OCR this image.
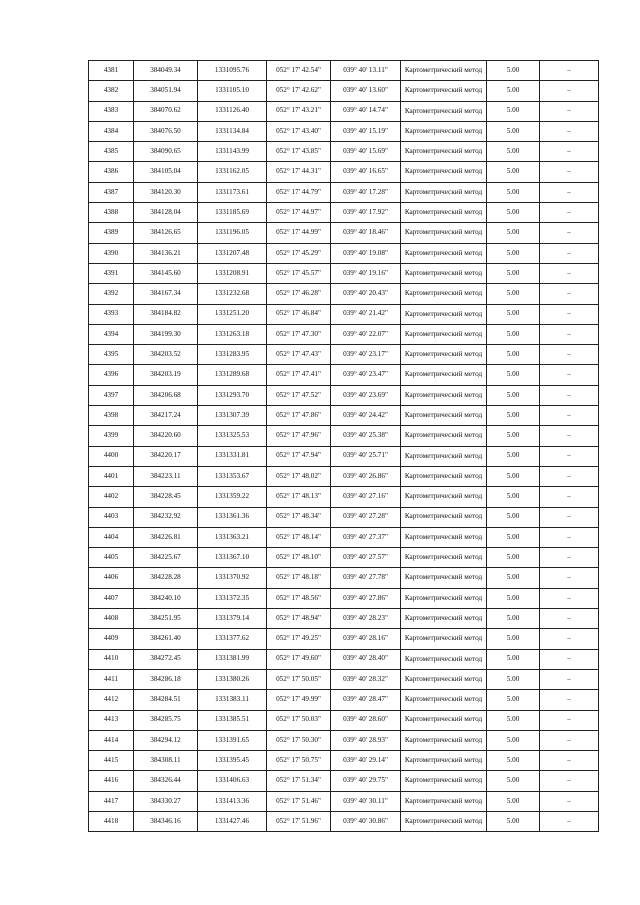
4381	384049.34	1331095.76	052° 17' 42.54"	039° 40' 13.11"	Картометрический метод	5.00	–
4382	384051.94	1331105.10	052° 17' 42.62"	039° 40' 13.60"	Картометрический метод	5.00	–
4383	384070.62	1331126.40	052° 17' 43.21"	039° 40' 14.74"	Картометрический метод	5.00	–
4384	384076.50	1331134.84	052° 17' 43.40"	039° 40' 15.19"	Картометрический метод	5.00	–
4385	384090.65	1331143.99	052° 17' 43.85"	039° 40' 15.69"	Картометрический метод	5.00	–
4386	384105.04	1331162.05	052° 17' 44.31"	039° 40' 16.65"	Картометрический метод	5.00	–
4387	384120.30	1331173.61	052° 17' 44.79"	039° 40' 17.28"	Картометрический метод	5.00	–
4388	384128.04	1331185.69	052° 17' 44.97"	039° 40' 17.92"	Картометрический метод	5.00	–
4389	384126.65	1331196.05	052° 17' 44.99"	039° 40' 18.46"	Картометрический метод	5.00	–
4390	384136.21	1331207.48	052° 17' 45.29"	039° 40' 19.08"	Картометрический метод	5.00	–
4391	384145.60	1331208.91	052° 17' 45.57"	039° 40' 19.16"	Картометрический метод	5.00	–
4392	384167.34	1331232.68	052° 17' 46.28"	039° 40' 20.43"	Картометрический метод	5.00	–
4393	384184.82	1331251.20	052° 17' 46.84"	039° 40' 21.42"	Картометрический метод	5.00	–
4394	384199.30	1331263.18	052° 17' 47.30"	039° 40' 22.07"	Картометрический метод	5.00	–
4395	384203.52	1331283.95	052° 17' 47.43"	039° 40' 23.17"	Картометрический метод	5.00	–
4396	384203.19	1331289.68	052° 17' 47.41"	039° 40' 23.47"	Картометрический метод	5.00	–
4397	384206.68	1331293.70	052° 17' 47.52"	039° 40' 23.69"	Картометрический метод	5.00	–
4398	384217.24	1331307.39	052° 17' 47.86"	039° 40' 24.42"	Картометрический метод	5.00	–
4399	384220.60	1331325.53	052° 17' 47.96"	039° 40' 25.38"	Картометрический метод	5.00	–
4400	384220.17	1331331.81	052° 17' 47.94"	039° 40' 25.71"	Картометрический метод	5.00	–
4401	384223.11	1331353.67	052° 17' 48.02"	039° 40' 26.86"	Картометрический метод	5.00	–
4402	384228.45	1331359.22	052° 17' 48.13"	039° 40' 27.16"	Картометрический метод	5.00	–
4403	384232.92	1331361.36	052° 17' 48.34"	039° 40' 27.28"	Картометрический метод	5.00	–
4404	384226.81	1331363.21	052° 17' 48.14"	039° 40' 27.37"	Картометрический метод	5.00	–
4405	384225.67	1331367.10	052° 17' 48.10"	039° 40' 27.57"	Картометрический метод	5.00	–
4406	384228.28	1331370.92	052° 17' 48.18"	039° 40' 27.78"	Картометрический метод	5.00	–
4407	384240.10	1331372.35	052° 17' 48.56"	039° 40' 27.86"	Картометрический метод	5.00	–
4408	384251.95	1331379.14	052° 17' 48.94"	039° 40' 28.23"	Картометрический метод	5.00	–
4409	384261.40	1331377.62	052° 17' 49.25"	039° 40' 28.16"	Картометрический метод	5.00	–
4410	384272.45	1331381.99	052° 17' 49.60"	039° 40' 28.40"	Картометрический метод	5.00	–
4411	384286.18	1331380.26	052° 17' 50.05"	039° 40' 28.32"	Картометрический метод	5.00	–
4412	384284.51	1331383.11	052° 17' 49.99"	039° 40' 28.47"	Картометрический метод	5.00	–
4413	384285.75	1331385.51	052° 17' 50.03"	039° 40' 28.60"	Картометрический метод	5.00	–
4414	384294.12	1331391.65	052° 17' 50.30"	039° 40' 28.93"	Картометрический метод	5.00	–
4415	384308.11	1331395.45	052° 17' 50.75"	039° 40' 29.14"	Картометрический метод	5.00	–
4416	384326.44	1331406.63	052° 17' 51.34"	039° 40' 29.75"	Картометрический метод	5.00	–
4417	384330.27	1331413.36	052° 17' 51.46"	039° 40' 30.11"	Картометрический метод	5.00	–
4418	384346.16	1331427.46	052° 17' 51.96"	039° 40' 30.86"	Картометрический метод	5.00	–
